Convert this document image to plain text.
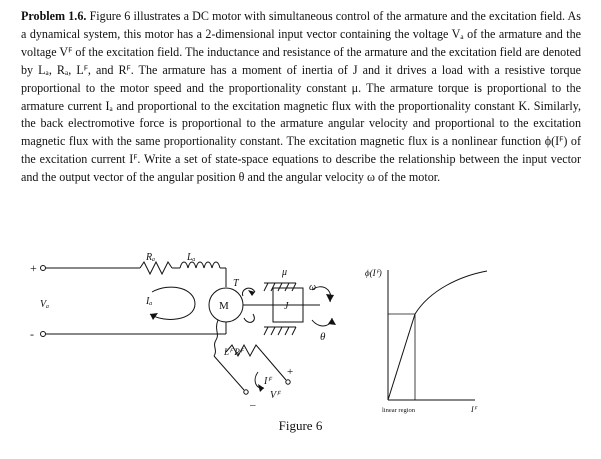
Problem 1.6. Figure 6 illustrates a DC motor with simultaneous control of the armature and the excitation field. As a dynamical system, this motor has a 2-dimensional input vector containing the voltage Vₐ of the armature and the voltage Vꟳ of the excitation field. The inductance and resistance of the armature and the excitation field are denoted by Lₐ, Rₐ, Lꟳ, and Rꟳ. The armature has a moment of inertia of J and it drives a load with a resistive torque proportional to the motor speed and the proportionality constant μ. The armature torque is proportional to the armature current Iₐ and proportional to the excitation magnetic flux with the proportionality constant K. Similarly, the back electromotive force is proportional to the armature angular velocity and proportional to the excitation magnetic flux with the same proportionality constant. The excitation magnetic flux is a nonlinear function ϕ(Iꟳ) of the excitation current Iꟳ. Write a set of state-space equations to describe the relationship between the input vector and the output vector of the angular position θ and the angular velocity ω of the motor.
+
-
Rₐ	Lₐ
Vₐ	Iₐ	M
T
μ
ω
J
θ
Lꟳ Rꟳ
Iꟳ
Vꟳ
+
_
ϕ(Iꟳ)
Iꟳ
linear region
Figure 6
